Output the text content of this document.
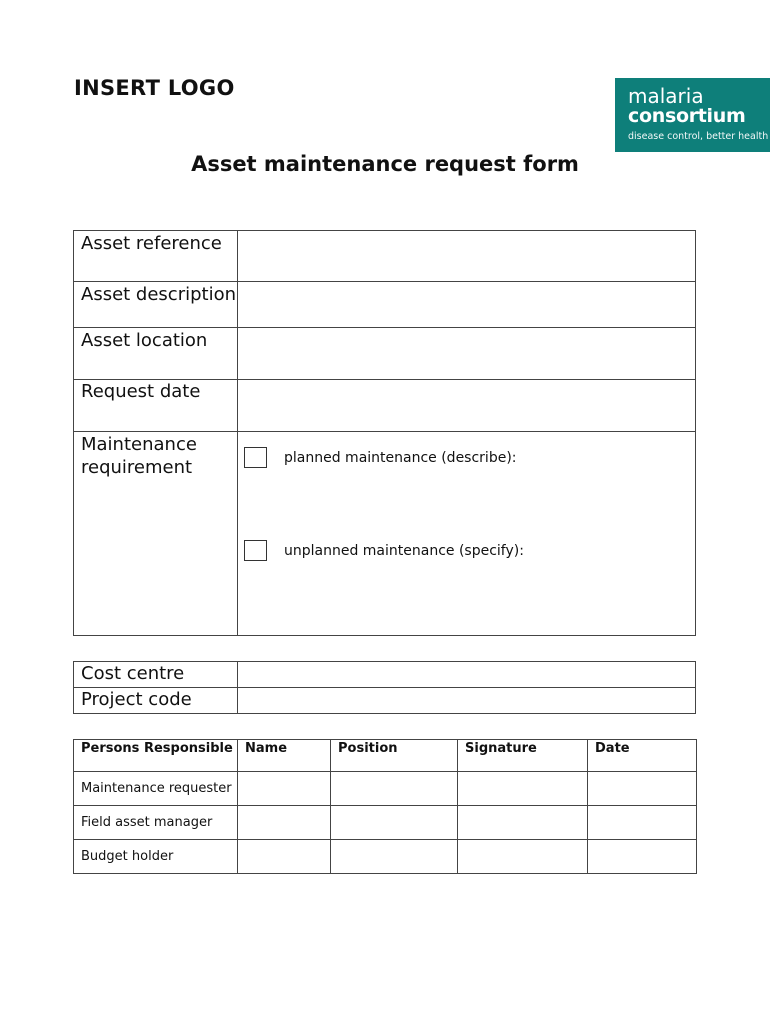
INSERT LOGO	malaria
consortium
disease control, better health
Asset maintenance request form
Asset reference	
Asset description	
Asset location	
Request date	
Maintenance requirement	planned maintenance (describe):
unplanned maintenance (specify):
Cost centre	
Project code	
Persons Responsible	Name	Position	Signature	Date
Maintenance requester				
Field asset manager				
Budget holder				
